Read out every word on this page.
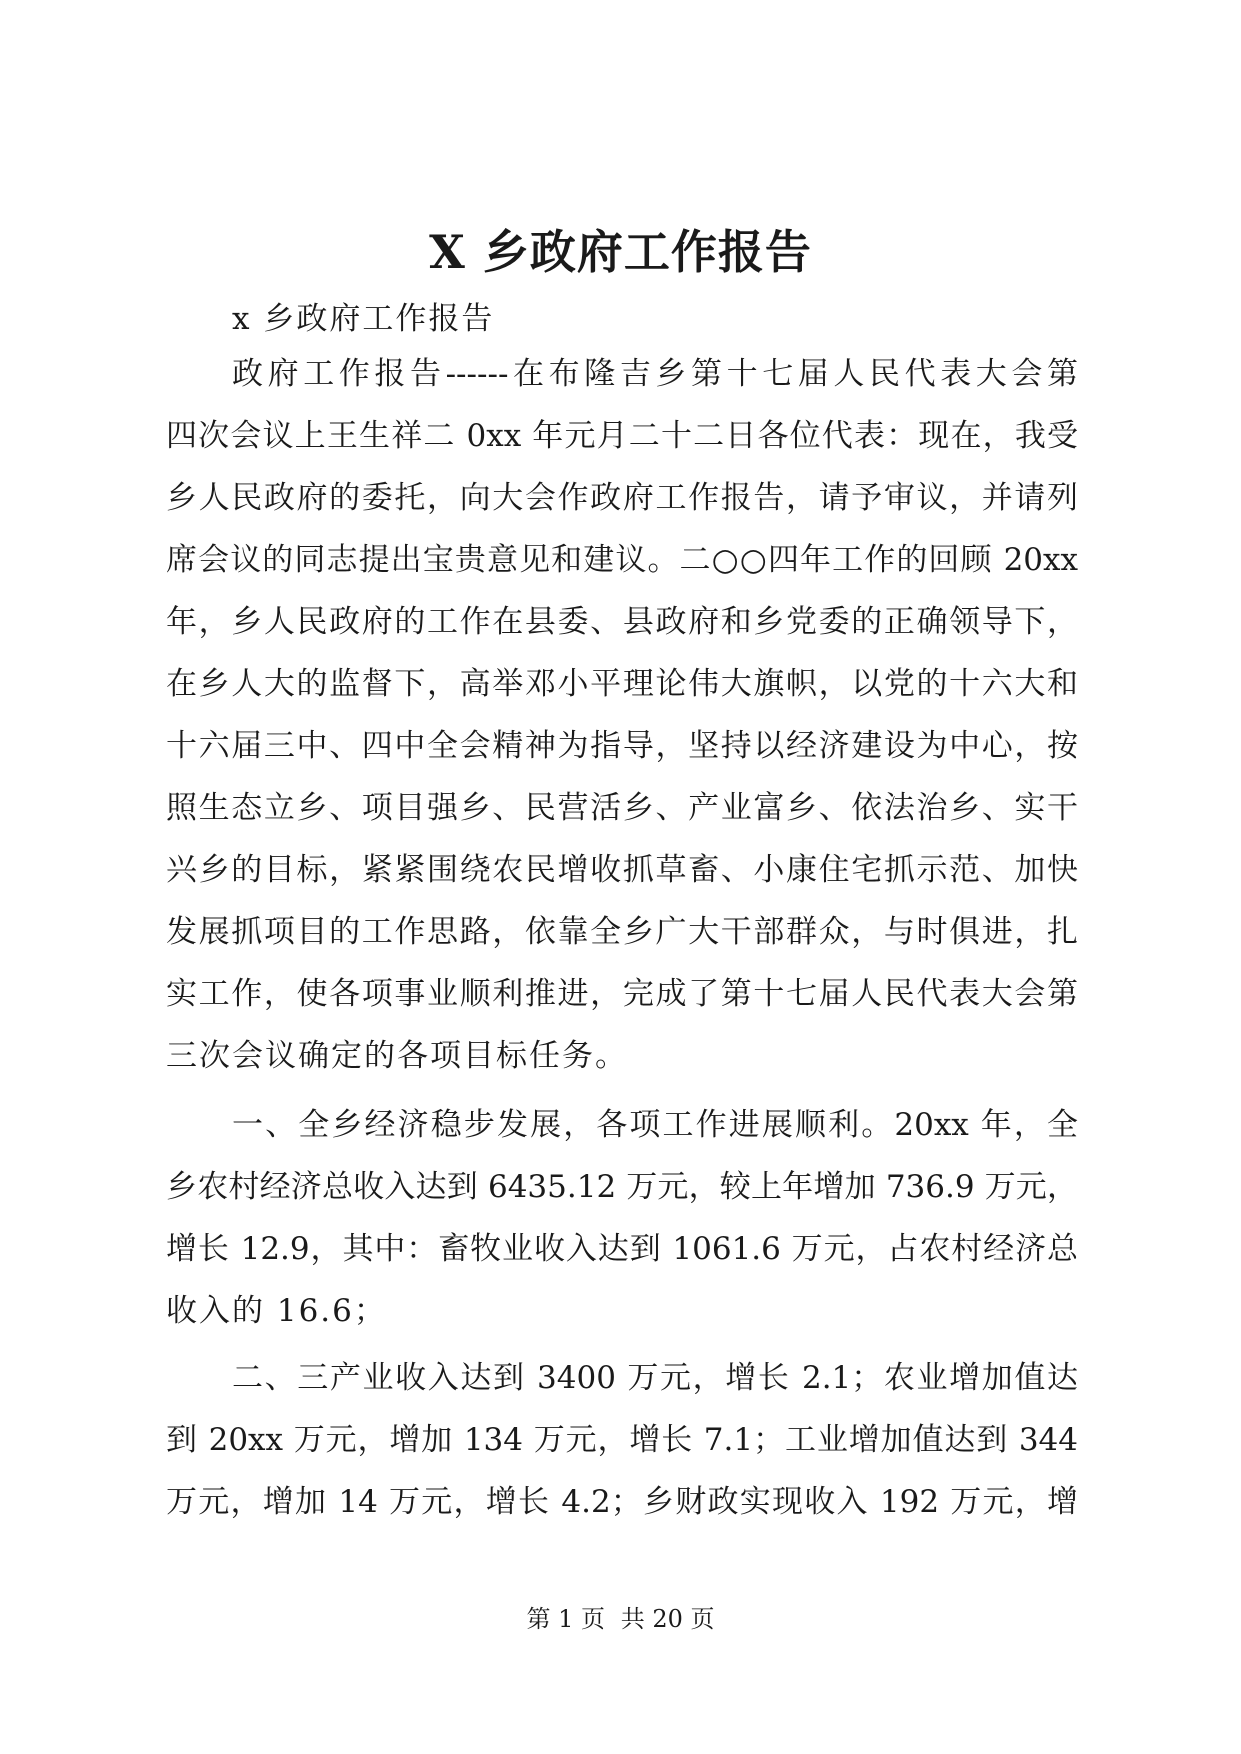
X 乡政府工作报告
x 乡政府工作报告
政府工作报告------在布隆吉乡第十七届人民代表大会第
四次会议上王生祥二 0xx 年元月二十二日各位代表：现在，我受
乡人民政府的委托，向大会作政府工作报告，请予审议，并请列
席会议的同志提出宝贵意见和建议。二○○四年工作的回顾 20xx
年，乡人民政府的工作在县委、县政府和乡党委的正确领导下，
在乡人大的监督下，高举邓小平理论伟大旗帜，以党的十六大和
十六届三中、四中全会精神为指导，坚持以经济建设为中心，按
照生态立乡、项目强乡、民营活乡、产业富乡、依法治乡、实干
兴乡的目标，紧紧围绕农民增收抓草畜、小康住宅抓示范、加快
发展抓项目的工作思路，依靠全乡广大干部群众，与时俱进，扎
实工作，使各项事业顺利推进，完成了第十七届人民代表大会第
三次会议确定的各项目标任务。
一、全乡经济稳步发展，各项工作进展顺利。20xx 年，全
乡农村经济总收入达到 6435.12 万元，较上年增加 736.9 万元，
增长 12.9，其中：畜牧业收入达到 1061.6 万元，占农村经济总
收入的 16.6；
二、三产业收入达到 3400 万元，增长 2.1；农业增加值达
到 20xx 万元，增加 134 万元，增长 7.1；工业增加值达到 344
万元，增加 14 万元，增长 4.2；乡财政实现收入 192 万元，增
第 1 页 共 20 页
